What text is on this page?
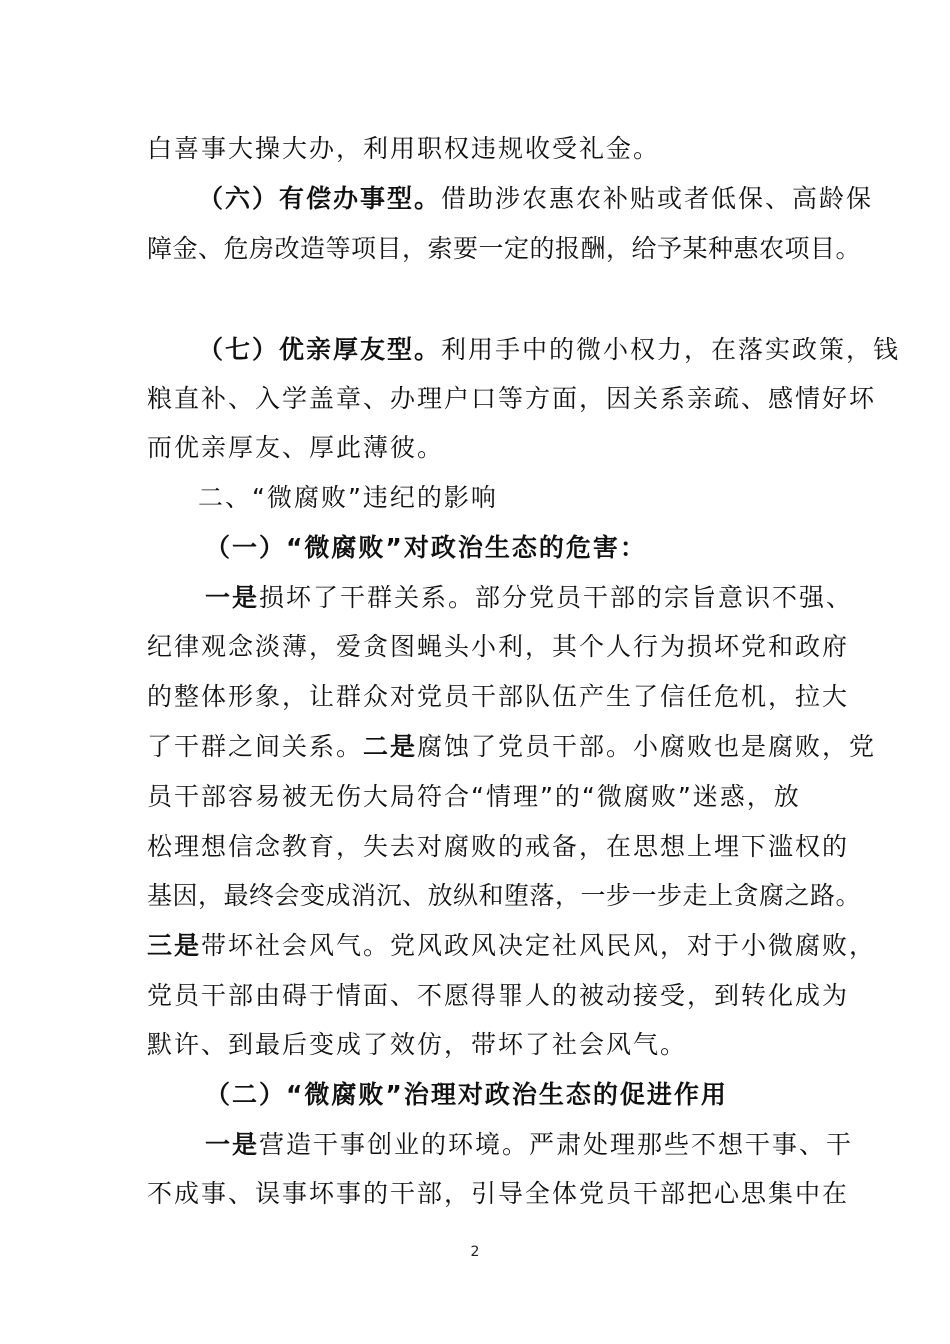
白喜事大操大办，利用职权违规收受礼金。
（六）有偿办事型。借助涉农惠农补贴或者低保、高龄保
障金、危房改造等项目，索要一定的报酬，给予某种惠农项目。
（七）优亲厚友型。利用手中的微小权力，在落实政策，钱
粮直补、入学盖章、办理户口等方面，因关系亲疏、感情好坏
而优亲厚友、厚此薄彼。
二、“微腐败”违纪的影响
（一）“微腐败”对政治生态的危害：
一是损坏了干群关系。部分党员干部的宗旨意识不强、
纪律观念淡薄，爱贪图蝇头小利，其个人行为损坏党和政府
的整体形象，让群众对党员干部队伍产生了信任危机，拉大
了干群之间关系。二是腐蚀了党员干部。小腐败也是腐败，党
员干部容易被无伤大局符合“情理”的“微腐败”迷惑，放
松理想信念教育，失去对腐败的戒备，在思想上埋下滥权的
基因，最终会变成消沉、放纵和堕落，一步一步走上贪腐之路。
三是带坏社会风气。党风政风决定社风民风，对于小微腐败，
党员干部由碍于情面、不愿得罪人的被动接受，到转化成为
默许、到最后变成了效仿，带坏了社会风气。
（二）“微腐败”治理对政治生态的促进作用
一是营造干事创业的环境。严肃处理那些不想干事、干
不成事、误事坏事的干部，引导全体党员干部把心思集中在
2
